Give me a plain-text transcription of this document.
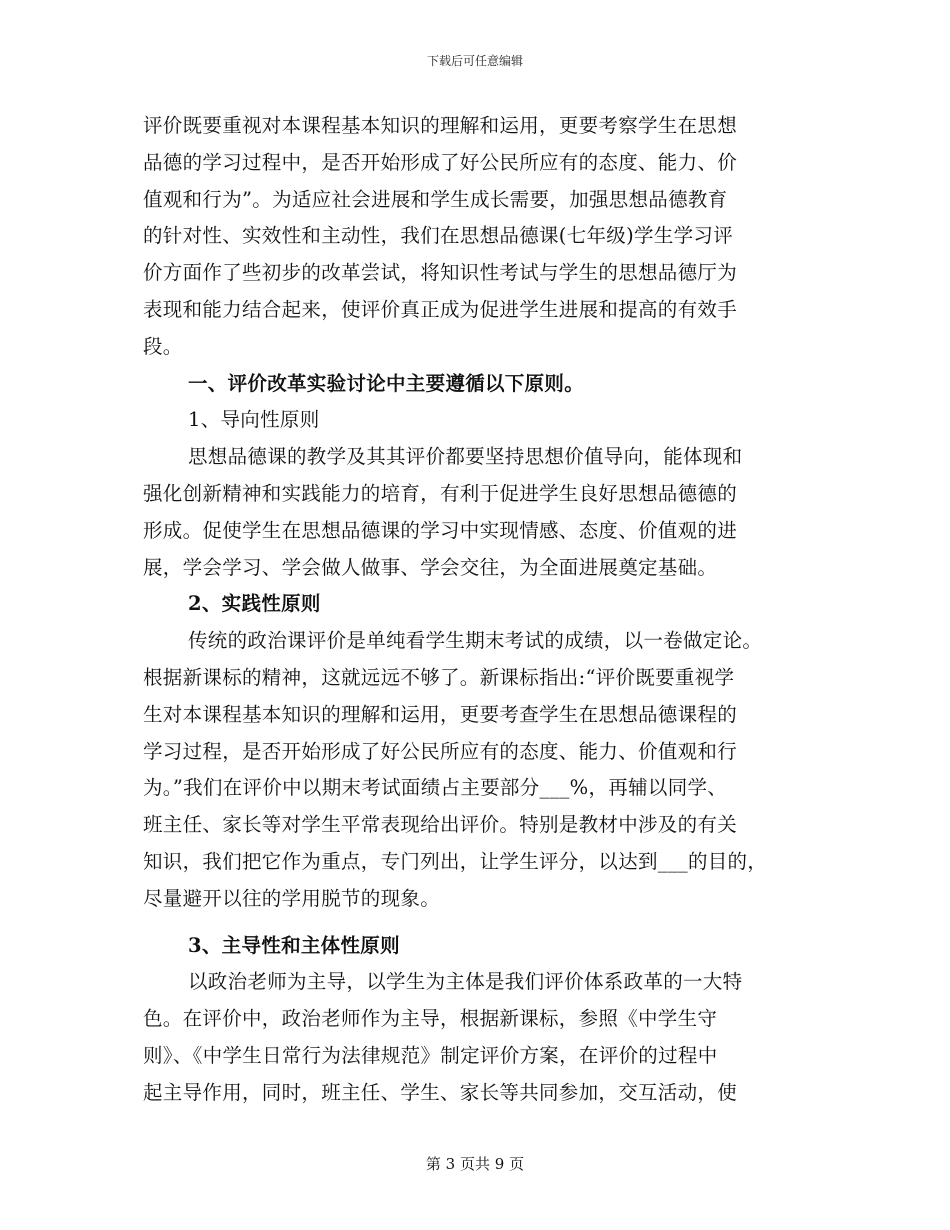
下载后可任意编辑
评价既要重视对本课程基本知识的理解和运用，更要考察学生在思想
品德的学习过程中，是否开始形成了好公民所应有的态度、能力、价
值观和行为”。为适应社会进展和学生成长需要，加强思想品德教育
的针对性、实效性和主动性，我们在思想品德课(七年级)学生学习评
价方面作了些初步的改革尝试，将知识性考试与学生的思想品德厅为
表现和能力结合起来，使评价真正成为促进学生进展和提高的有效手
段。
一、评价改革实验讨论中主要遵循以下原则。
1、导向性原则
思想品德课的教学及其其评价都要坚持思想价值导向，能体现和
强化创新精神和实践能力的培育，有利于促进学生良好思想品德德的
形成。促使学生在思想品德课的学习中实现情感、态度、价值观的进
展，学会学习、学会做人做事、学会交往，为全面进展奠定基础。
2、实践性原则
传统的政治课评价是单纯看学生期末考试的成绩，以一卷做定论。
根据新课标的精神，这就远远不够了。新课标指出:“评价既要重视学
生对本课程基本知识的理解和运用，更要考查学生在思想品德课程的
学习过程，是否开始形成了好公民所应有的态度、能力、价值观和行
为。”我们在评价中以期末考试面绩占主要部分___%，再辅以同学、
班主任、家长等对学生平常表现给出评价。特别是教材中涉及的有关
知识，我们把它作为重点，专门列出，让学生评分，以达到___的目的，
尽量避开以往的学用脱节的现象。
3、主导性和主体性原则
以政治老师为主导，以学生为主体是我们评价体系政革的一大特
色。在评价中，政治老师作为主导，根据新课标，参照《中学生守
则》、《中学生日常行为法律规范》制定评价方案，在评价的过程中
起主导作用，同时，班主任、学生、家长等共同参加，交互活动，使
第 3 页共 9 页
